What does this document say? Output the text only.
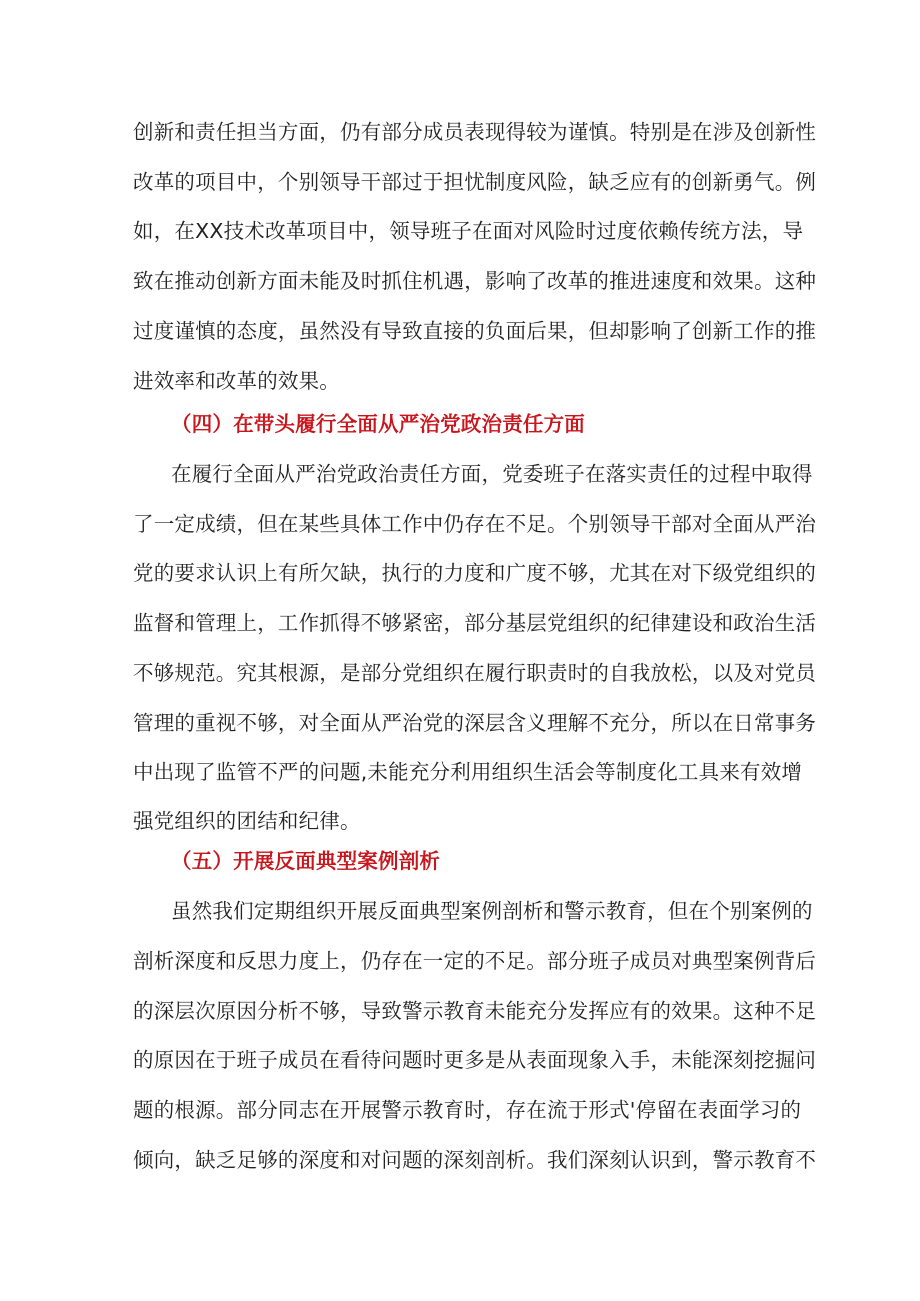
创新和责任担当方面，仍有部分成员表现得较为谨慎。特别是在涉及创新性
改革的项目中，个别领导干部过于担忧制度风险，缺乏应有的创新勇气。例
如，在XX技术改革项目中，领导班子在面对风险时过度依赖传统方法，导
致在推动创新方面未能及时抓住机遇，影响了改革的推进速度和效果。这种
过度谨慎的态度，虽然没有导致直接的负面后果，但却影响了创新工作的推
进效率和改革的效果。
（四）在带头履行全面从严治党政治责任方面
在履行全面从严治党政治责任方面，党委班子在落实责任的过程中取得
了一定成绩，但在某些具体工作中仍存在不足。个别领导干部对全面从严治
党的要求认识上有所欠缺，执行的力度和广度不够，尤其在对下级党组织的
监督和管理上，工作抓得不够紧密，部分基层党组织的纪律建设和政治生活
不够规范。究其根源，是部分党组织在履行职责时的自我放松，以及对党员
管理的重视不够，对全面从严治党的深层含义理解不充分，所以在日常事务
中出现了监管不严的问题,未能充分利用组织生活会等制度化工具来有效增
强党组织的团结和纪律。
（五）开展反面典型案例剖析
虽然我们定期组织开展反面典型案例剖析和警示教育，但在个别案例的
剖析深度和反思力度上，仍存在一定的不足。部分班子成员对典型案例背后
的深层次原因分析不够，导致警示教育未能充分发挥应有的效果。这种不足
的原因在于班子成员在看待问题时更多是从表面现象入手，未能深刻挖掘问
题的根源。部分同志在开展警示教育时，存在流于形式'停留在表面学习的
倾向，缺乏足够的深度和对问题的深刻剖析。我们深刻认识到，警示教育不
